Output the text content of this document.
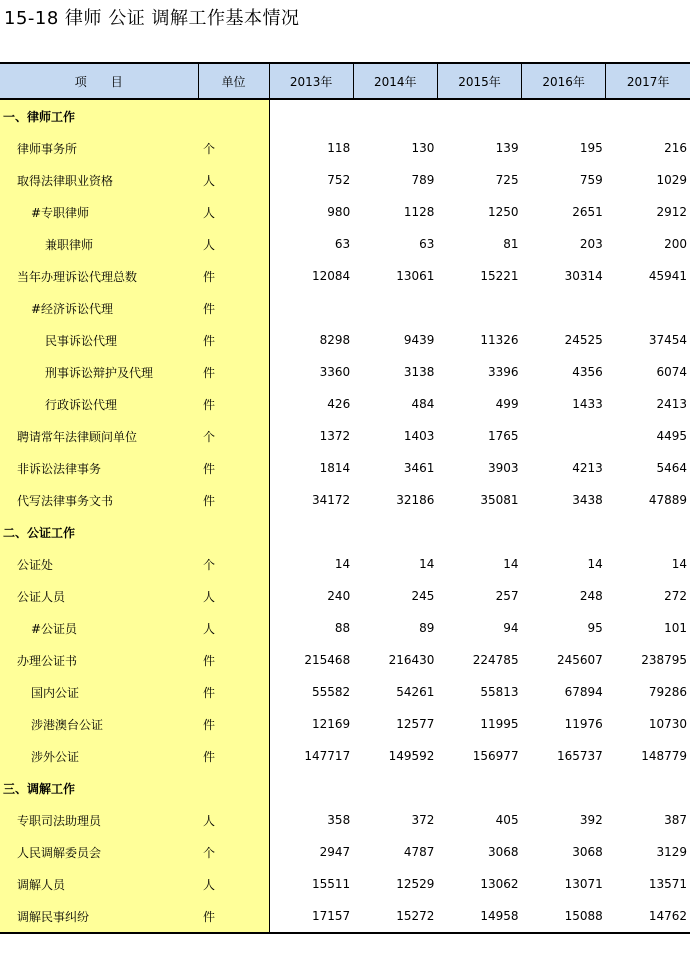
15-18 律师 公证 调解工作基本情况
项　　目	单位	2013年	2014年	2015年	2016年	2017年
一、律师工作						
律师事务所	个	118	130	139	195	216
取得法律职业资格	人	752	789	725	759	1029
#专职律师	人	980	1128	1250	2651	2912
兼职律师	人	63	63	81	203	200
当年办理诉讼代理总数	件	12084	13061	15221	30314	45941
#经济诉讼代理	件					
民事诉讼代理	件	8298	9439	11326	24525	37454
刑事诉讼辩护及代理	件	3360	3138	3396	4356	6074
行政诉讼代理	件	426	484	499	1433	2413
聘请常年法律顾问单位	个	1372	1403	1765		4495
非诉讼法律事务	件	1814	3461	3903	4213	5464
代写法律事务文书	件	34172	32186	35081	3438	47889
二、公证工作						
公证处	个	14	14	14	14	14
公证人员	人	240	245	257	248	272
#公证员	人	88	89	94	95	101
办理公证书	件	215468	216430	224785	245607	238795
国内公证	件	55582	54261	55813	67894	79286
涉港澳台公证	件	12169	12577	11995	11976	10730
涉外公证	件	147717	149592	156977	165737	148779
三、调解工作						
专职司法助理员	人	358	372	405	392	387
人民调解委员会	个	2947	4787	3068	3068	3129
调解人员	人	15511	12529	13062	13071	13571
调解民事纠纷	件	17157	15272	14958	15088	14762
